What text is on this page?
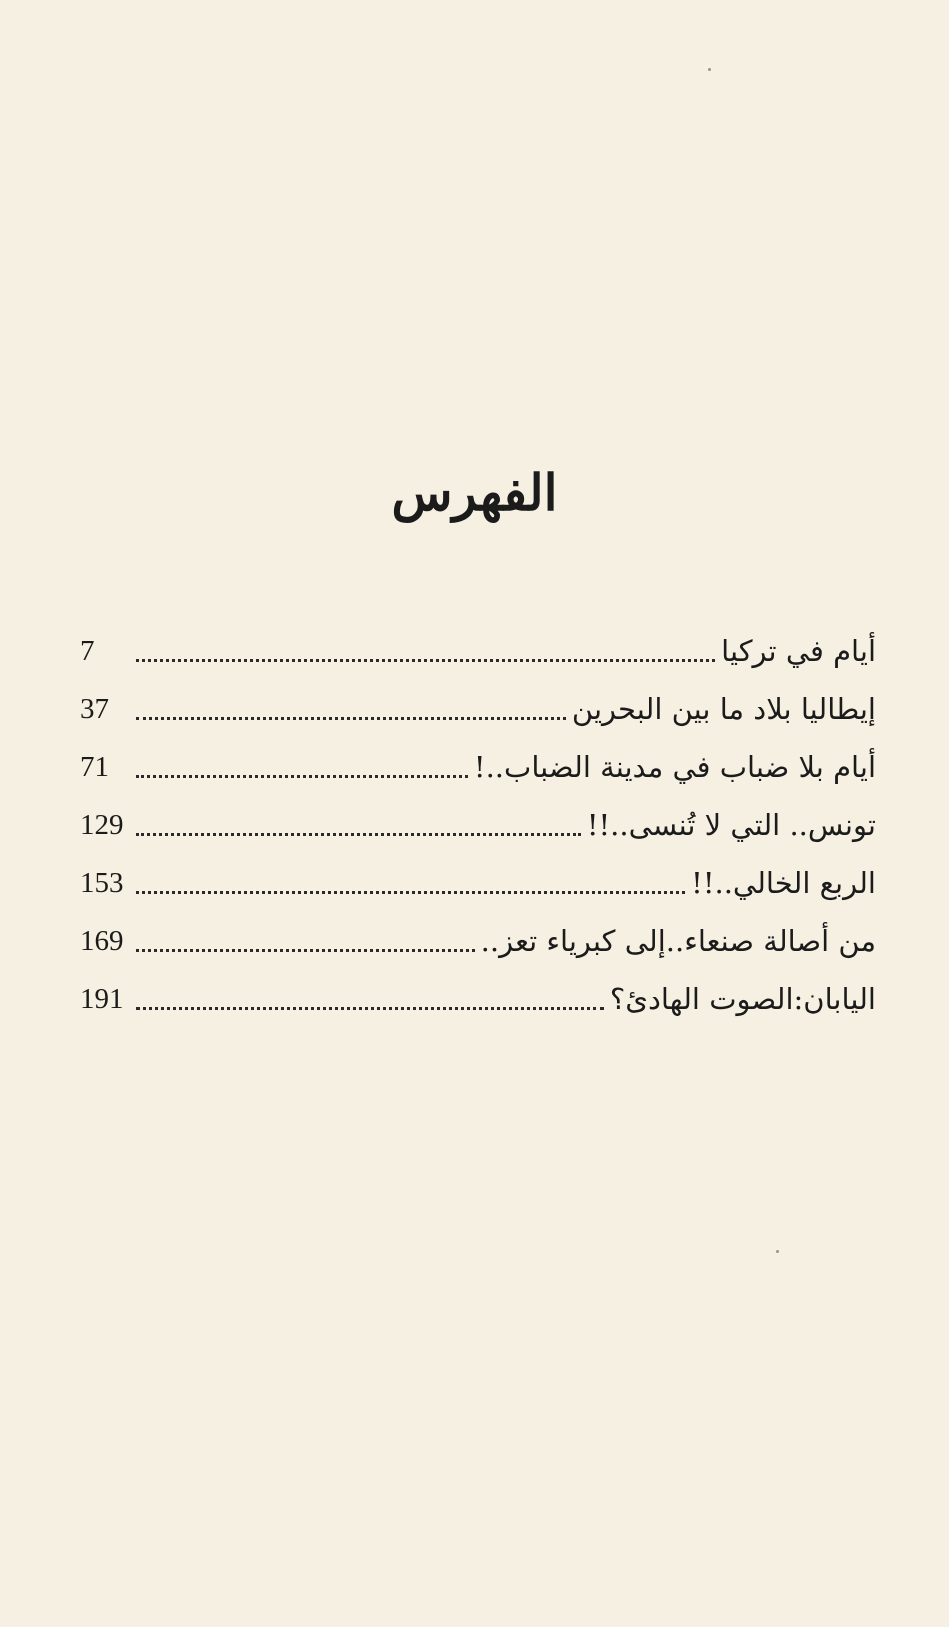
الفهرس
أيام في تركيا
7
إيطاليا بلاد ما بين البحرين
37
أيام بلا ضباب في مدينة الضباب..!
71
تونس.. التي لا تُنسى..!!
129
الربع الخالي..!!
153
من أصالة صنعاء..إلى كبرياء تعز..
169
اليابان:الصوت الهادئ؟
191
